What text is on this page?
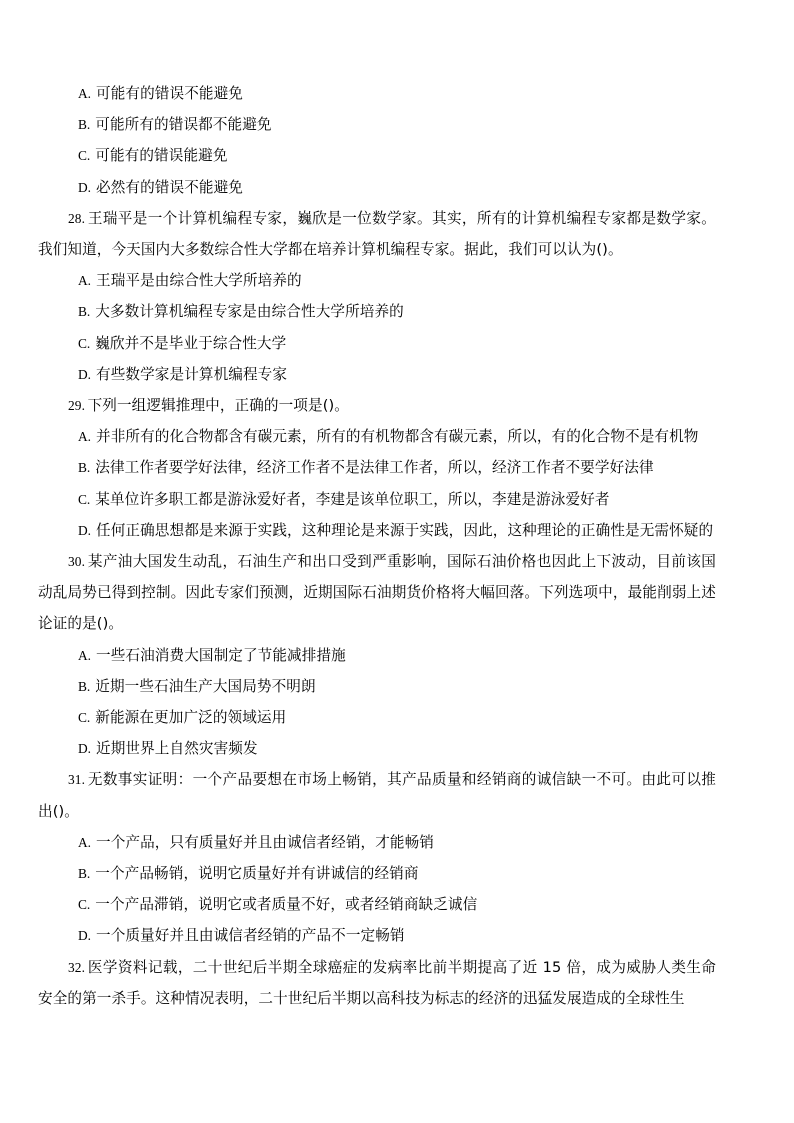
A. 可能有的错误不能避免

B. 可能所有的错误都不能避免

C. 可能有的错误能避免

D. 必然有的错误不能避免

28.  王瑞平是一个计算机编程专家，巍欣是一位数学家。其实，所有的计算机编程专家都是数学家。我们知道，今天国内大多数综合性大学都在培养计算机编程专家。据此，我们可以认为()。

A. 王瑞平是由综合性大学所培养的

B. 大多数计算机编程专家是由综合性大学所培养的

C. 巍欣并不是毕业于综合性大学

D. 有些数学家是计算机编程专家

29.  下列一组逻辑推理中，正确的一项是()。

A. 并非所有的化合物都含有碳元素，所有的有机物都含有碳元素，所以，有的化合物不是有机物

B. 法律工作者要学好法律，经济工作者不是法律工作者，所以，经济工作者不要学好法律

C. 某单位许多职工都是游泳爱好者，李建是该单位职工，所以，李建是游泳爱好者

D. 任何正确思想都是来源于实践，这种理论是来源于实践，因此，这种理论的正确性是无需怀疑的

30.  某产油大国发生动乱，石油生产和出口受到严重影响，国际石油价格也因此上下波动，目前该国动乱局势已得到控制。因此专家们预测，近期国际石油期货价格将大幅回落。下列选项中，最能削弱上述论证的是()。

A. 一些石油消费大国制定了节能减排措施

B. 近期一些石油生产大国局势不明朗

C. 新能源在更加广泛的领域运用

D. 近期世界上自然灾害频发

31.  无数事实证明：一个产品要想在市场上畅销，其产品质量和经销商的诚信缺一不可。由此可以推出()。

A. 一个产品，只有质量好并且由诚信者经销，才能畅销

B. 一个产品畅销，说明它质量好并有讲诚信的经销商

C. 一个产品滞销，说明它或者质量不好，或者经销商缺乏诚信

D. 一个质量好并且由诚信者经销的产品不一定畅销

32.  医学资料记载，二十世纪后半期全球癌症的发病率比前半期提高了近 15 倍，成为威胁人类生命安全的第一杀手。这种情况表明，二十世纪后半期以高科技为标志的经济的迅猛发展造成的全球性生
